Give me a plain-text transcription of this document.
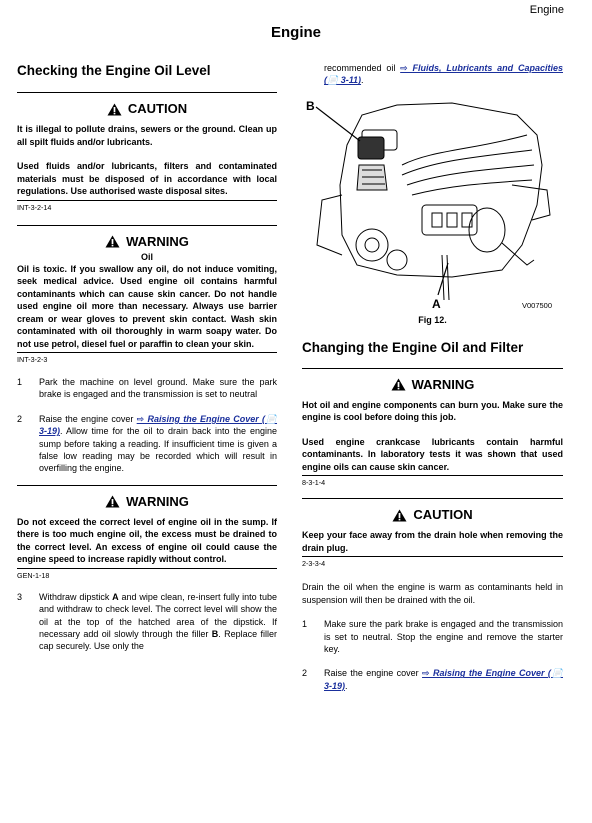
Engine
Engine
Checking the Engine Oil Level
CAUTION

It is illegal to pollute drains, sewers or the ground. Clean up all spilt fluids and/or lubricants.

Used fluids and/or lubricants, filters and contaminated materials must be disposed of in accordance with local regulations. Use authorised waste disposal sites.

INT-3-2-14

WARNING
Oil

Oil is toxic. If you swallow any oil, do not induce vomiting, seek medical advice. Used engine oil contains harmful contaminants which can cause skin cancer. Do not handle used engine oil more than necessary. Always use barrier cream or wear gloves to prevent skin contact. Wash skin contaminated with oil thoroughly in warm soapy water. Do not use petrol, diesel fuel or paraffin to clean your skin.

INT-3-2-3

1	Park the machine on level ground. Make sure the park brake is engaged and the transmission is set to neutral
2	Raise the engine cover ⇨ Raising the Engine Cover (📄 3-19). Allow time for the oil to drain back into the engine sump before taking a reading. If insufficient time is given a false low reading may be recorded which will result in overfilling the engine.
WARNING

Do not exceed the correct level of engine oil in the sump. If there is too much engine oil, the excess must be drained to the correct level. An excess of engine oil could cause the engine speed to increase rapidly without control.

GEN-1-18

3	Withdraw dipstick A and wipe clean, re-insert fully into tube and withdraw to check level. The correct level will show the oil at the top of the hatched area of the dipstick. If necessary add oil slowly through the filler B. Replace filler cap securely. Use only the
recommended oil ⇨ Fluids, Lubricants and Capacities (📄 3-11).
B
A	V007500
Fig 12.
Changing the Engine Oil and Filter
WARNING

Hot oil and engine components can burn you. Make sure the engine is cool before doing this job.

Used engine crankcase lubricants contain harmful contaminants. In laboratory tests it was shown that used engine oils can cause skin cancer.

8-3-1-4

CAUTION

Keep your face away from the drain hole when removing the drain plug.

2-3-3-4

Drain the oil when the engine is warm as contaminants held in suspension will then be drained with the oil.

1	Make sure the park brake is engaged and the transmission is set to neutral. Stop the engine and remove the starter key.
2	Raise the engine cover ⇨ Raising the Engine Cover (📄 3-19).
